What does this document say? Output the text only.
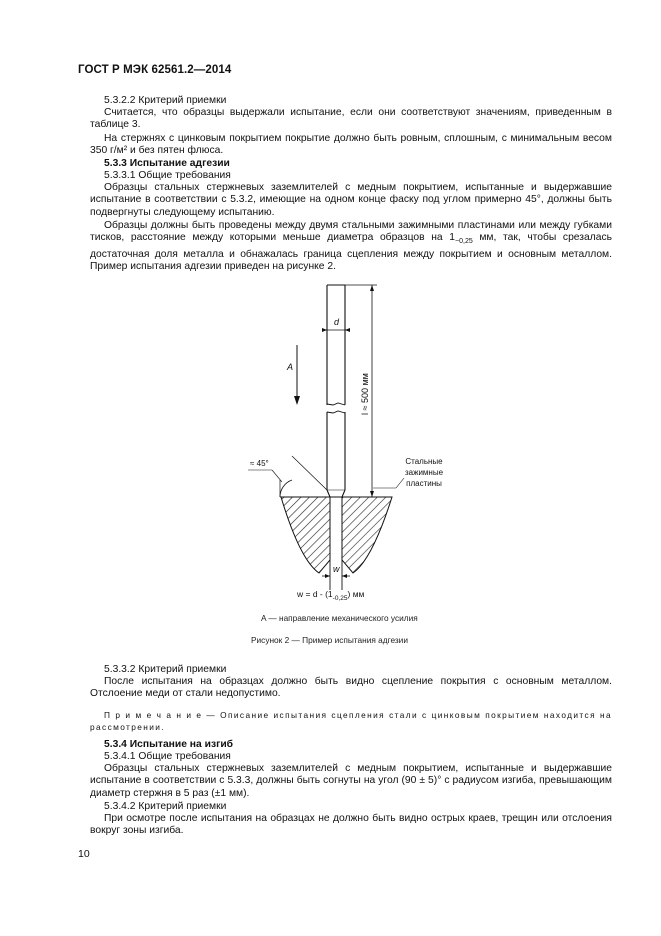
ГОСТ Р МЭК 62561.2—2014
5.3.2.2 Критерий приемки
Считается, что образцы выдержали испытание, если они соответствуют значениям, приведенным в таблице 3.
На стержнях с цинковым покрытием покрытие должно быть ровным, сплошным, с минимальным весом 350 г/м² и без пятен флюса.
5.3.3 Испытание адгезии
5.3.3.1 Общие требования
Образцы стальных стержневых заземлителей с медным покрытием, испытанные и выдержавшие испытание в соответствии с 5.3.2, имеющие на одном конце фаску под углом примерно 45°, должны быть подвергнуты следующему испытанию.
Образцы должны быть проведены между двумя стальными зажимными пластинами или между губками тисков, расстояние между которыми меньше диаметра образцов на $1_{-0,25}$ мм, так, чтобы срезалась достаточная доля металла и обнажалась граница сцепления между покрытием и основным металлом. Пример испытания адгезии приведен на рисунке 2.
d
A
l ≈ 500 мм
≈ 45°	Стальные
зажимные
пластины
w
$w = d - (1_{-0,25})$ мм
A — направление механического усилия
Рисунок 2 — Пример испытания адгезии
5.3.3.2 Критерий приемки
После испытания на образцах должно быть видно сцепление покрытия с основным металлом. Отслоение меди от стали недопустимо.
П р и м е ч а н и е — Описание испытания сцепления стали с цинковым покрытием находится на рассмотрении.
5.3.4 Испытание на изгиб
5.3.4.1 Общие требования
Образцы стальных стержневых заземлителей с медным покрытием, испытанные и выдержавшие испытание в соответствии с 5.3.3, должны быть согнуты на угол (90 ± 5)° с радиусом изгиба, превышающим диаметр стержня в 5 раз (±1 мм).
5.3.4.2 Критерий приемки
При осмотре после испытания на образцах не должно быть видно острых краев, трещин или отслоения вокруг зоны изгиба.
10
